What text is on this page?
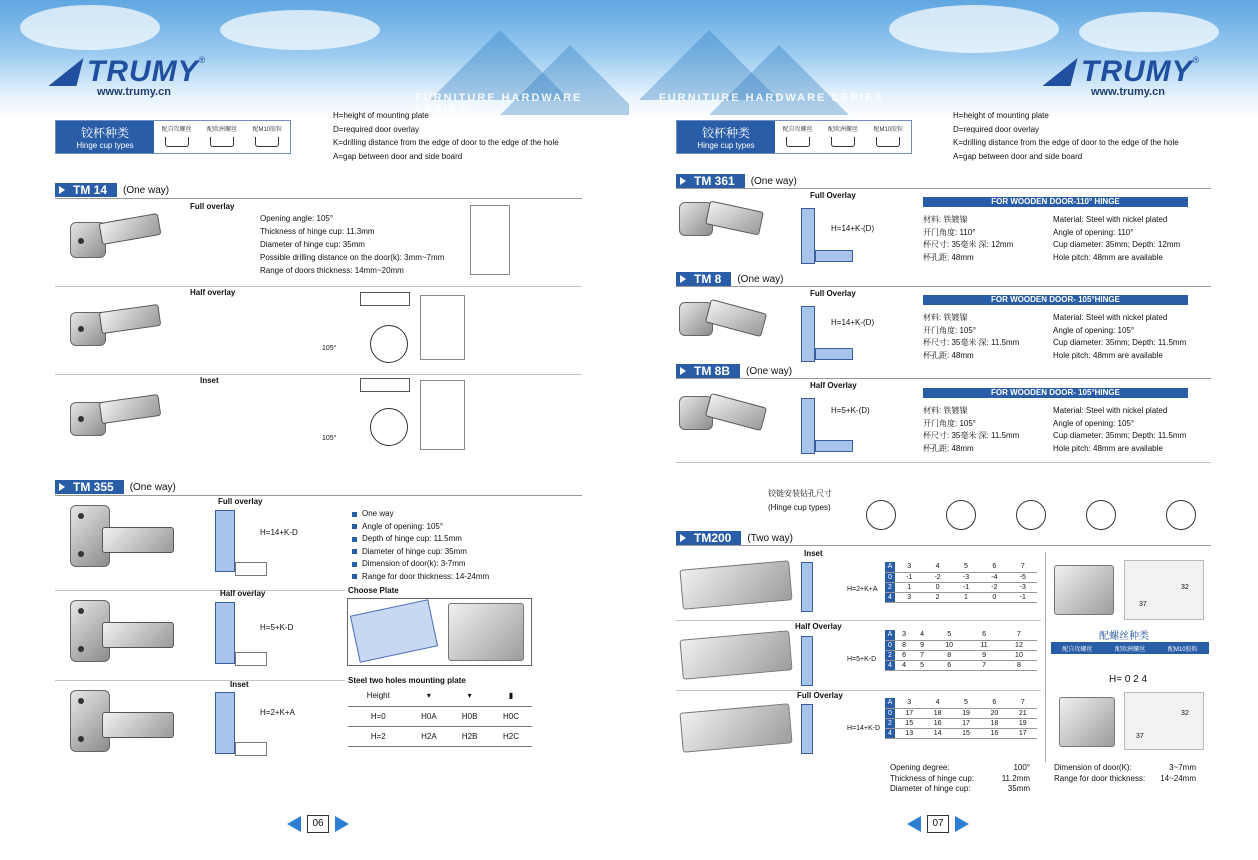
FURNITURE HARDWARE SERIES
TRUMY ®
www.trumy.cn
铰杯种类
Hinge cup types
配自攻螺丝	配欧洲螺丝	配M10胶粒
H=height of mounting plate
D=required door overlay
K=drilling distance from the edge of door to the edge of the hole
A=gap between door and side board
TM 14	(One way)
Full overlay
Opening angle: 105°
Thickness of hinge cup: 11.3mm
Diameter of hinge cup: 35mm
Possible drilling distance on the door(k): 3mm~7mm
Range of doors thickness: 14mm~20mm
Half overlay
105°
Inset
105°
TM 355	(One way)
Full overlay
H=14+K-D
Half overlay
H=5+K-D
Inset
H=2+K+A
One way
Angle of opening: 105°
Depth of hinge cup: 11.5mm
Diameter of hinge cup: 35mm
Dimension of door(k): 3-7mm
Range for door thickness: 14-24mm
Choose Plate
Steel two holes mounting plate
Height	▾	▾	▮
H=0	H0A	H0B	H0C
H=2	H2A	H2B	H2C
06
FURNITURE HARDWARE SERIES
TRUMY ®
www.trumy.cn
铰杯种类
Hinge cup types
配自攻螺丝	配欧洲螺丝	配M10胶粒
H=height of mounting plate
D=required door overlay
K=drilling distance from the edge of door to the edge of the hole
A=gap between door and side board
TM 361	(One way)
Full Overlay
H=14+K-(D)
FOR WOODEN DOOR-110° HINGE
材料: 铁镀镍
开门角度: 110°
杯尺寸: 35毫米 深: 12mm
杯孔距: 48mm
Material: Steel with nickel plated
Angle of opening: 110°
Cup diameter: 35mm; Depth: 12mm
Hole pitch: 48mm are available
TM 8	(One way)
Full Overlay
H=14+K-(D)
FOR WOODEN DOOR- 105°HINGE
材料: 铁镀镍
开门角度: 105°
杯尺寸: 35毫米 深: 11.5mm
杯孔距: 48mm
Material: Steel with nickel plated
Angle of opening: 105°
Cup diameter: 35mm; Depth: 11.5mm
Hole pitch: 48mm are available
TM 8B	(One way)
Half Overlay
H=5+K-(D)
FOR WOODEN DOOR- 105°HINGE
材料: 铁镀镍
开门角度: 105°
杯尺寸: 35毫米 深: 11.5mm
杯孔距: 48mm
Material: Steel with nickel plated
Angle of opening: 105°
Cup diameter: 35mm; Depth: 11.5mm
Hole pitch: 48mm are available
铰链安装钻孔尺寸
(Hinge cup types)
TM200	(Two way)
Inset
H=2+K+A
A	3	4	5	6	7
0	-1	-2	-3	-4	-5
2	1	0	-1	-2	-3
4	3	2	1	0	-1
Half Overlay
H=5+K-D
A	3	4	5	6	7
0	8	9	10	11	12
2	6	7	8	9	10
4	4	5	6	7	8
Full Overlay
H=14+K-D
A	3	4	5	6	7
0	17	18	19	20	21
2	15	16	17	18	19
4	13	14	15	16	17
37
32
配螺丝种类
配自攻螺丝	配欧洲螺丝	配M10胶粒
H= 0 2 4
37
32
Opening degree:	100°
Thickness of hinge cup:	11.2mm
Diameter of hinge cup:	35mm
Dimension of door(K):	3~7mm
Range for door thickness: 14~24mm
07
